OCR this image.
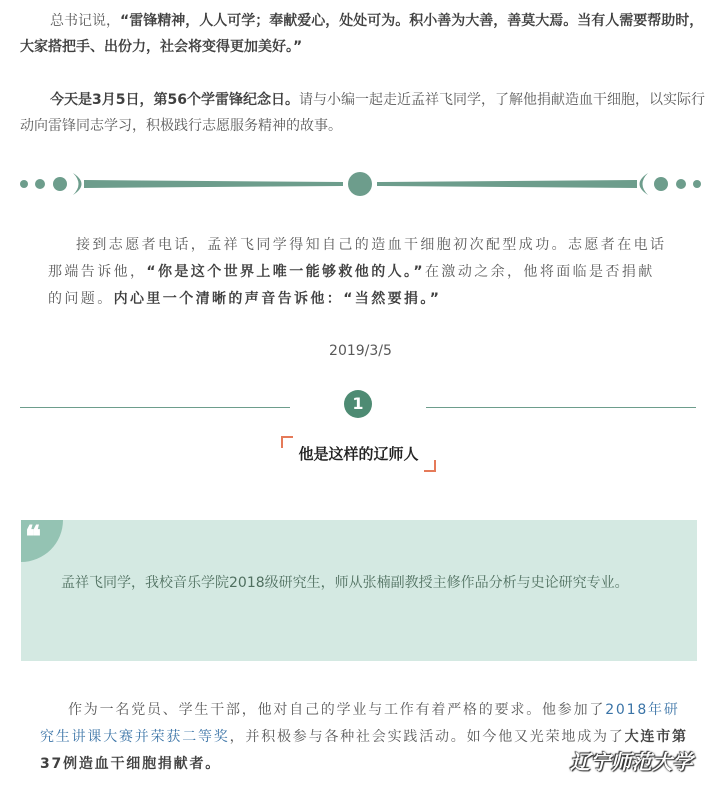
总书记说，“雷锋精神，人人可学；奉献爱心，处处可为。积小善为大善，善莫大焉。当有人需要帮助时，大家搭把手、出份力，社会将变得更加美好。”
今天是3月5日，第56个学雷锋纪念日。请与小编一起走近孟祥飞同学，了解他捐献造血干细胞，以实际行动向雷锋同志学习，积极践行志愿服务精神的故事。
接到志愿者电话，孟祥飞同学得知自己的造血干细胞初次配型成功。志愿者在电话那端告诉他，“你是这个世界上唯一能够救他的人。”在激动之余，他将面临是否捐献的问题。内心里一个清晰的声音告诉他：“当然要捐。”
2019/3/5
1
他是这样的辽师人
❝
孟祥飞同学，我校音乐学院2018级研究生，师从张楠副教授主修作品分析与史论研究专业。
作为一名党员、学生干部，他对自己的学业与工作有着严格的要求。他参加了2018年研究生讲课大赛并荣获二等奖，并积极参与各种社会实践活动。如今他又光荣地成为了大连市第37例造血干细胞捐献者。	辽宁师范大学
